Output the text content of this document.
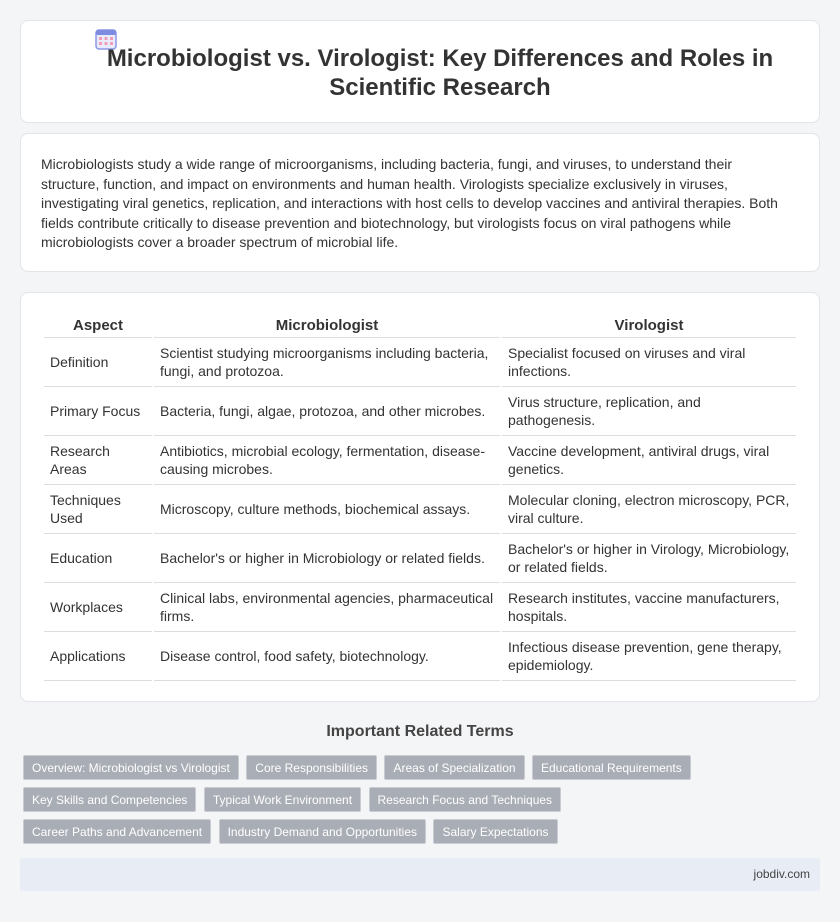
Microbiologist vs. Virologist: Key Differences and Roles in Scientific Research

Microbiologists study a wide range of microorganisms, including bacteria, fungi, and viruses, to understand their structure, function, and impact on environments and human health. Virologists specialize exclusively in viruses, investigating viral genetics, replication, and interactions with host cells to develop vaccines and antiviral therapies. Both fields contribute critically to disease prevention and biotechnology, but virologists focus on viral pathogens while microbiologists cover a broader spectrum of microbial life.

Aspect	Microbiologist	Virologist
Definition	Scientist studying microorganisms including bacteria, fungi, and protozoa.	Specialist focused on viruses and viral infections.
Primary Focus	Bacteria, fungi, algae, protozoa, and other microbes.	Virus structure, replication, and pathogenesis.
Research Areas	Antibiotics, microbial ecology, fermentation, disease-causing microbes.	Vaccine development, antiviral drugs, viral genetics.
Techniques Used	Microscopy, culture methods, biochemical assays.	Molecular cloning, electron microscopy, PCR, viral culture.
Education	Bachelor's or higher in Microbiology or related fields.	Bachelor's or higher in Virology, Microbiology, or related fields.
Workplaces	Clinical labs, environmental agencies, pharmaceutical firms.	Research institutes, vaccine manufacturers, hospitals.
Applications	Disease control, food safety, biotechnology.	Infectious disease prevention, gene therapy, epidemiology.
Important Related Terms
Overview: Microbiologist vs Virologist Core Responsibilities Areas of Specialization Educational Requirements Key Skills and Competencies Typical Work Environment Research Focus and Techniques Career Paths and Advancement Industry Demand and Opportunities Salary Expectations
jobdiv.com
